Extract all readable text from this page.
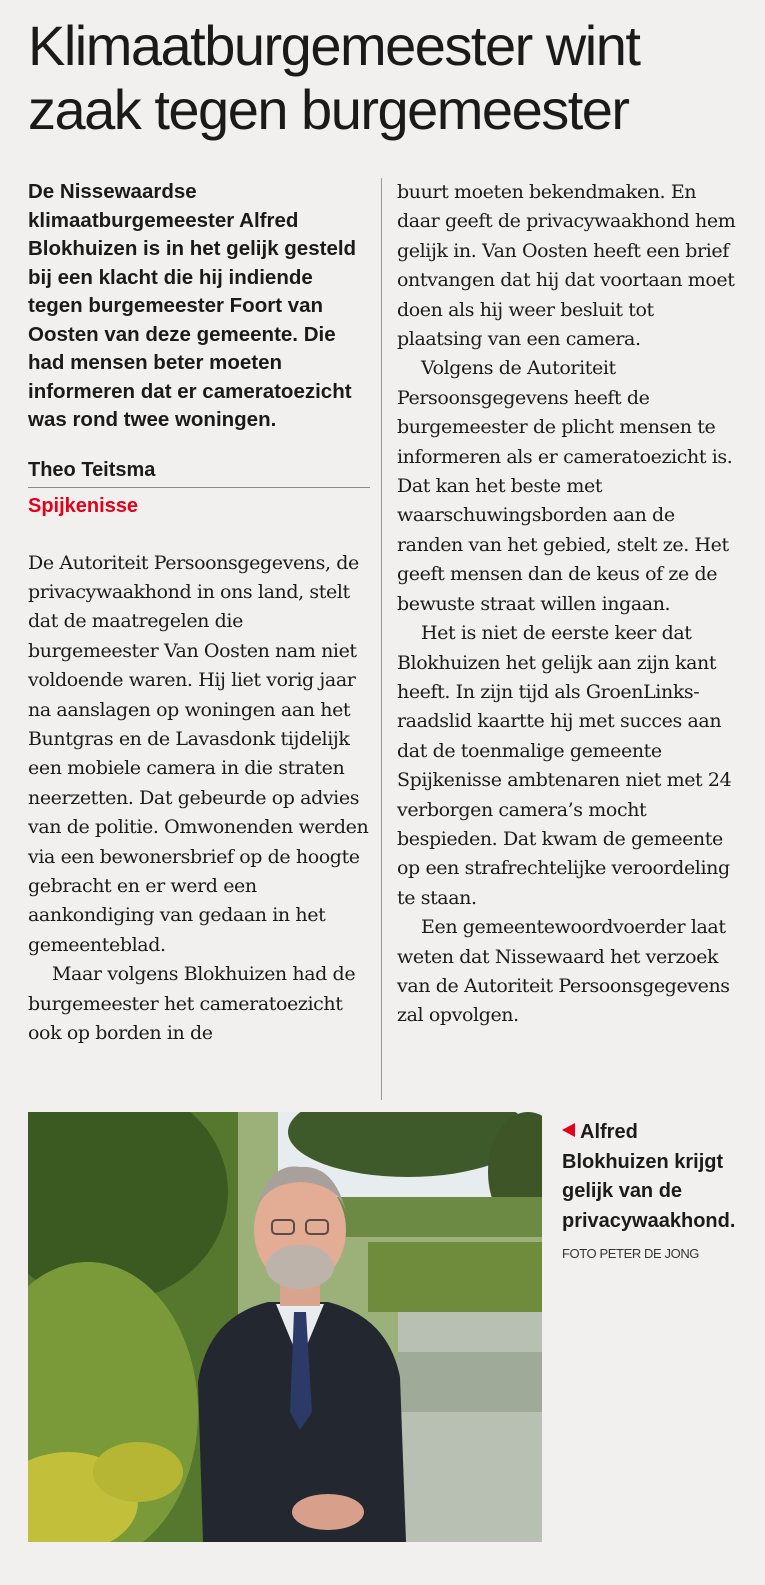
Klimaatburgemeester wint zaak tegen burgemeester

De Nissewaardse klimaatburgemeester Alfred Blokhuizen is in het gelijk gesteld bij een klacht die hij indiende tegen burgemeester Foort van Oosten van deze gemeente. Die had mensen beter moeten informeren dat er cameratoezicht was rond twee woningen.

Theo Teitsma
Spijkenisse

De Autoriteit Persoonsgegevens, de privacywaakhond in ons land, stelt dat de maatregelen die burgemeester Van Oosten nam niet voldoende waren. Hij liet vorig jaar na aanslagen op woningen aan het Buntgras en de Lavasdonk tijdelijk een mobiele camera in die straten neerzetten. Dat gebeurde op advies van de politie. Omwonenden werden via een bewonersbrief op de hoogte gebracht en er werd een aankondiging van gedaan in het gemeenteblad.

Maar volgens Blokhuizen had de burgemeester het cameratoezicht ook op borden in de

buurt moeten bekendmaken. En daar geeft de privacywaakhond hem gelijk in. Van Oosten heeft een brief ontvangen dat hij dat voortaan moet doen als hij weer besluit tot plaatsing van een camera.

Volgens de Autoriteit Persoonsgegevens heeft de burgemeester de plicht mensen te informeren als er cameratoezicht is. Dat kan het beste met waarschuwingsborden aan de randen van het gebied, stelt ze. Het geeft mensen dan de keus of ze de bewuste straat willen ingaan.

Het is niet de eerste keer dat Blokhuizen het gelijk aan zijn kant heeft. In zijn tijd als GroenLinks-raadslid kaartte hij met succes aan dat de toenmalige gemeente Spijkenisse ambtenaren niet met 24 verborgen camera’s mocht bespieden. Dat kwam de gemeente op een strafrechtelijke veroordeling te staan.

Een gemeentewoordvoerder laat weten dat Nissewaard het verzoek van de Autoriteit Persoonsgegevens zal opvolgen.

Alfred Blokhuizen krijgt gelijk van de privacywaakhond.

FOTO PETER DE JONG
